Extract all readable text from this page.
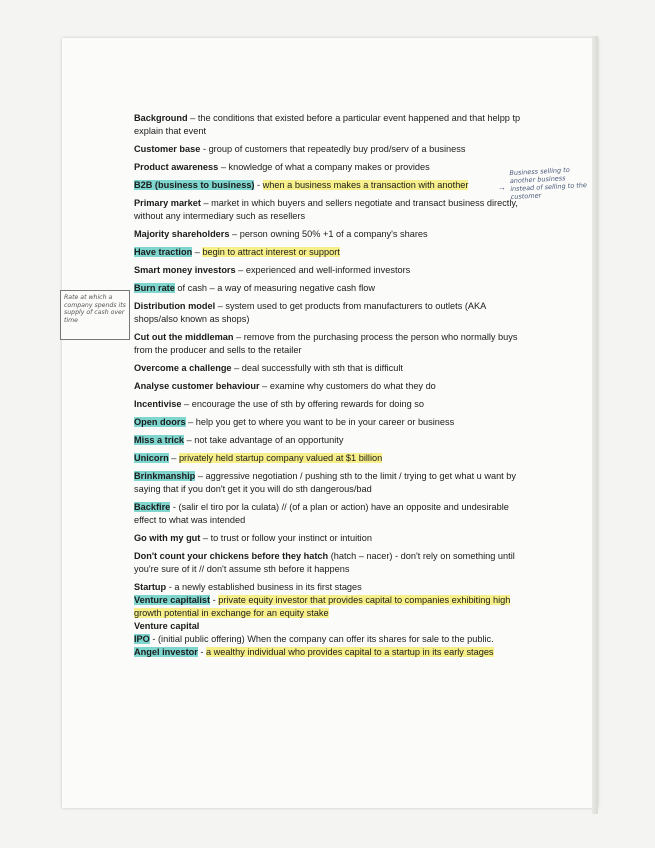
Background – the conditions that existed before a particular event happened and that helpp tp explain that event

Customer base - group of customers that repeatedly buy prod/serv of a business

Product awareness – knowledge of what a company makes or provides

B2B (business to business) - when a business makes a transaction with another

Primary market – market in which buyers and sellers negotiate and transact business directly, without any intermediary such as resellers

Majority shareholders – person owning 50% +1 of a company's shares

Have traction – begin to attract interest or support

Smart money investors – experienced and well-informed investors

Burn rate of cash – a way of measuring negative cash flow

Distribution model – system used to get products from manufacturers to outlets (AKA shops/also known as shops)

Cut out the middleman – remove from the purchasing process the person who normally buys from the producer and sells to the retailer

Overcome a challenge – deal successfully with sth that is difficult

Analyse customer behaviour – examine why customers do what they do

Incentivise – encourage the use of sth by offering rewards for doing so

Open doors – help you get to where you want to be in your career or business

Miss a trick – not take advantage of an opportunity

Unicorn – privately held startup company valued at $1 billion

Brinkmanship – aggressive negotiation / pushing sth to the limit / trying to get what u want by saying that if you don't get it you will do sth dangerous/bad

Backfire - (salir el tiro por la culata) // (of a plan or action) have an opposite and undesirable effect to what was intended

Go with my gut – to trust or follow your instinct or intuition

Don't count your chickens before they hatch (hatch – nacer) - don't rely on something until you're sure of it // don't assume sth before it happens

Startup - a newly established business in its first stages

Venture capitalist - private equity investor that provides capital to companies exhibiting high growth potential in exchange for an equity stake

Venture capital

IPO - (initial public offering) When the company can offer its shares for sale to the public.

Angel investor - a wealthy individual who provides capital to a startup in its early stages

→
Business selling to another business instead of selling to the customer
Rate at which a company spends its supply of cash over time
